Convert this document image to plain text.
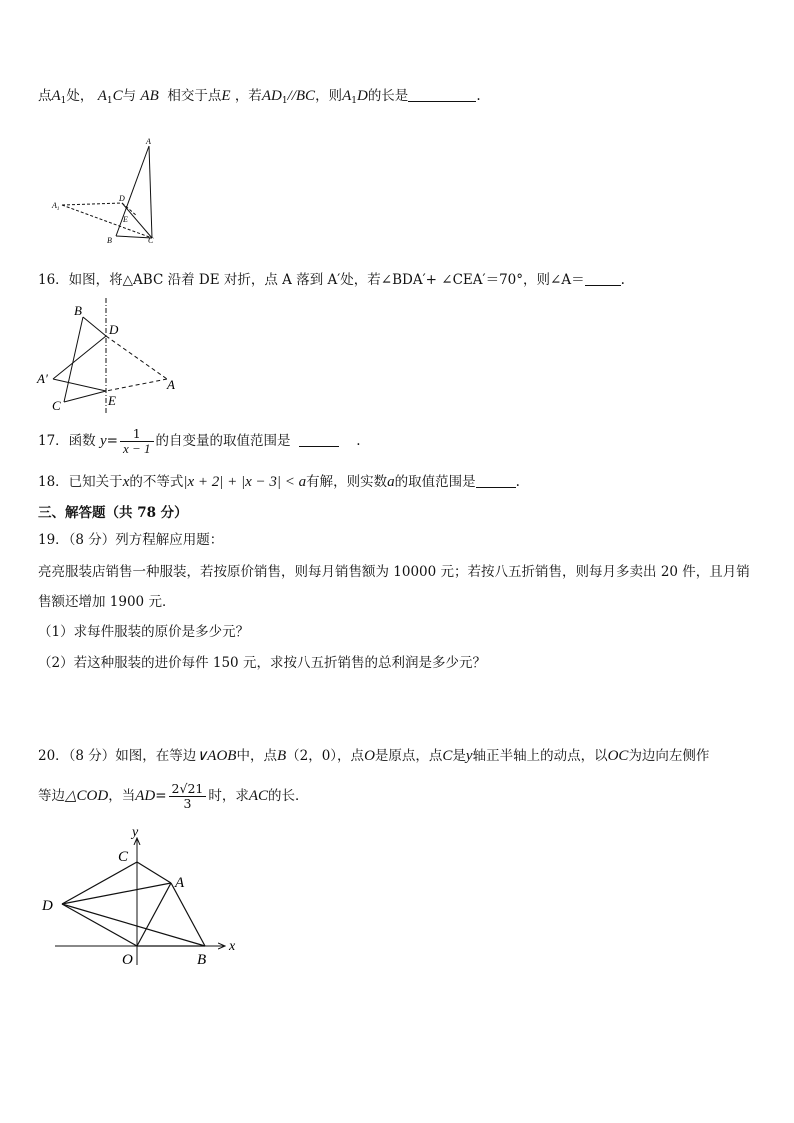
点$A_1$处， $A_1C$与 AB 相交于点E ，若$AD_1//BC$，则$A_1D$的长是	.
A
$A_1$
D
E
B	C
16．如图，将△ABC 沿着 DE 对折，点 A 落到 A′处，若∠BDA′+ ∠CEA′＝70°，则∠A＝	.
B
D
A′	A
C	E
17．函数 $y= \frac{1}{x - 1}$ 的自变量的取值范围是	.
18．已知关于x的不等式|x + 2| + |x − 3| < a有解，则实数a的取值范围是	.
三、解答题（共 78 分）
19．（8 分）列方程解应用题：
亮亮服装店销售一种服装，若按原价销售，则每月销售额为 10000 元；若按八五折销售，则每月多卖出 20 件，且月销
售额还增加 1900 元．
（1）求每件服装的原价是多少元？
（2）若这种服装的进价每件 150 元，求按八五折销售的总利润是多少元？
20．（8 分）如图，在等边∨AOB中，点B（2，0），点O是原点，点C是y轴正半轴上的动点，以OC为边向左侧作
等边△COD，当$AD= \frac{2√21}{3}$ 时，求AC的长．
y
x
C
A
D
O	B
